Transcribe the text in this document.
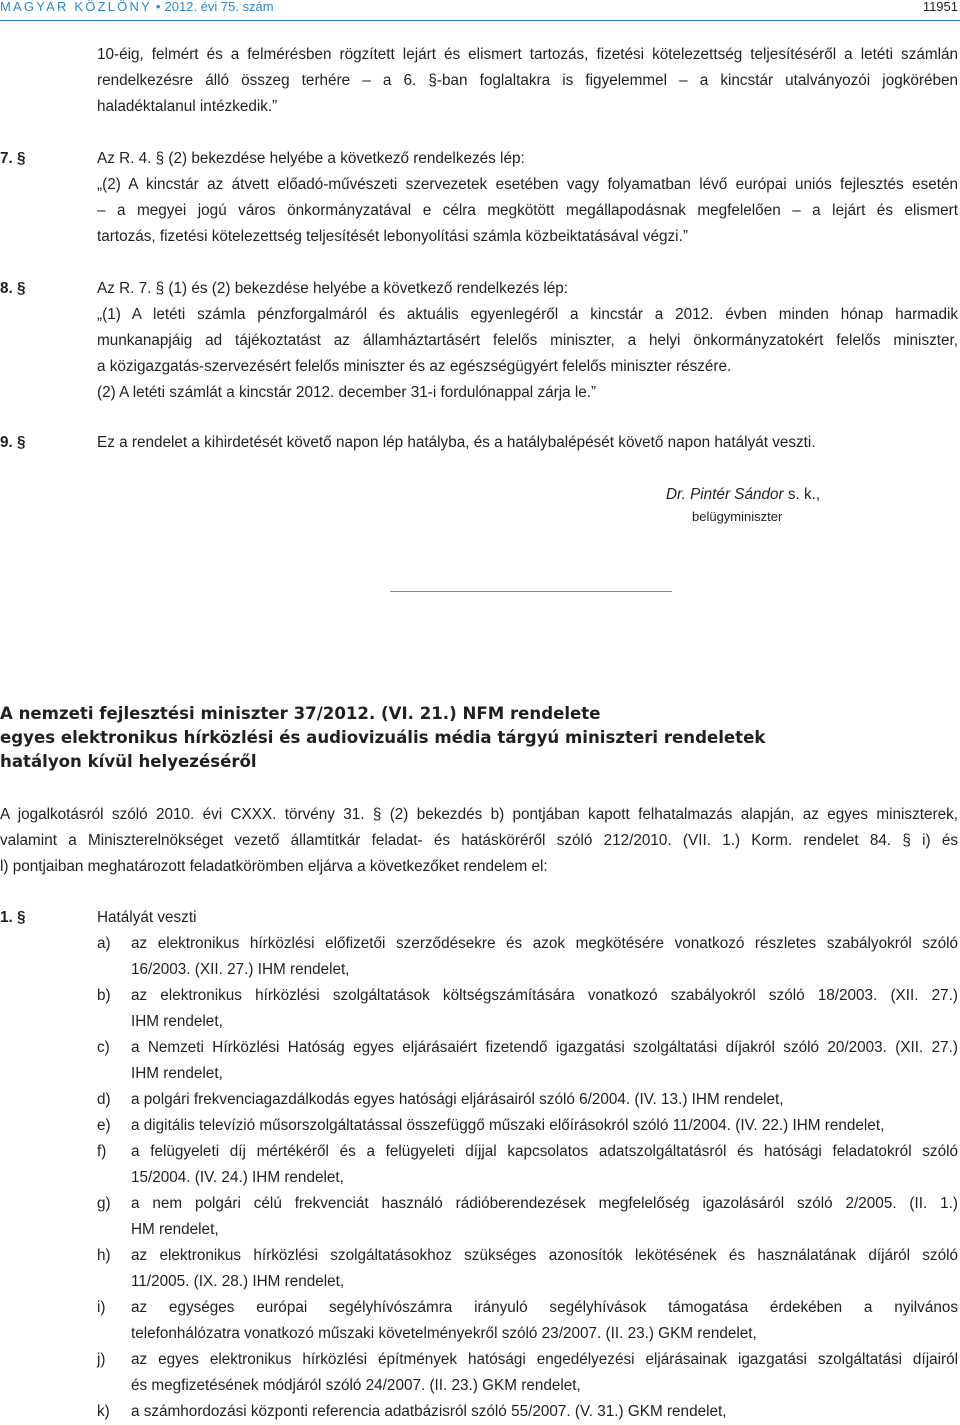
MAGYAR KÖZLÖNY • 2012. évi 75. szám	11951

10-éig, felmért és a felmérésben rögzített lejárt és elismert tartozás, fizetési kötelezettség teljesítéséről a letéti számlán

rendelkezésre álló összeg terhére – a 6. §-ban foglaltakra is figyelemmel – a kincstár utalványozói jogkörében

haladéktalanul intézkedik.”

7. §	Az R. 4. § (2) bekezdése helyébe a következő rendelkezés lép:

„(2) A kincstár az átvett előadó-művészeti szervezetek esetében vagy folyamatban lévő európai uniós fejlesztés esetén

– a megyei jogú város önkormányzatával e célra megkötött megállapodásnak megfelelően – a lejárt és elismert

tartozás, fizetési kötelezettség teljesítését lebonyolítási számla közbeiktatásával végzi.”

8. §	Az R. 7. § (1) és (2) bekezdése helyébe a következő rendelkezés lép:

„(1) A letéti számla pénzforgalmáról és aktuális egyenlegéről a kincstár a 2012. évben minden hónap harmadik

munkanapjáig ad tájékoztatást az államháztartásért felelős miniszter, a helyi önkormányzatokért felelős miniszter,

a közigazgatás-szervezésért felelős miniszter és az egészségügyért felelős miniszter részére.

(2) A letéti számlát a kincstár 2012. december 31-i fordulónappal zárja le.”

9. §	Ez a rendelet a kihirdetését követő napon lép hatályba, és a hatálybalépését követő napon hatályát veszti.

Dr. Pintér Sándor s. k.,
belügyminiszter
A nemzeti fejlesztési miniszter 37/2012. (VI. 21.) NFM rendelete
egyes elektronikus hírközlési és audiovizuális média tárgyú miniszteri rendeletek
hatályon kívül helyezéséről

A jogalkotásról szóló 2010. évi CXXX. törvény 31. § (2) bekezdés b) pontjában kapott felhatalmazás alapján, az egyes miniszterek,

valamint a Miniszterelnökséget vezető államtitkár feladat- és hatásköréről szóló 212/2010. (VII. 1.) Korm. rendelet 84. § i) és

l) pontjaiban meghatározott feladatkörömben eljárva a következőket rendelem el:

1. §	Hatályát veszti
a) az elektronikus hírközlési előfizetői szerződésekre és azok megkötésére vonatkozó részletes szabályokról szóló
16/2003. (XII. 27.) IHM rendelet,
b) az elektronikus hírközlési szolgáltatások költségszámítására vonatkozó szabályokról szóló 18/2003. (XII. 27.)
IHM rendelet,
c) a Nemzeti Hírközlési Hatóság egyes eljárásaiért fizetendő igazgatási szolgáltatási díjakról szóló 20/2003. (XII. 27.)
IHM rendelet,
d) a polgári frekvenciagazdálkodás egyes hatósági eljárásairól szóló 6/2004. (IV. 13.) IHM rendelet,
e) a digitális televízió műsorszolgáltatással összefüggő műszaki előírásokról szóló 11/2004. (IV. 22.) IHM rendelet,
f) a felügyeleti díj mértékéről és a felügyeleti díjjal kapcsolatos adatszolgáltatásról és hatósági feladatokról szóló
15/2004. (IV. 24.) IHM rendelet,
g) a nem polgári célú frekvenciát használó rádióberendezések megfelelőség igazolásáról szóló 2/2005. (II. 1.)
HM rendelet,
h) az elektronikus hírközlési szolgáltatásokhoz szükséges azonosítók lekötésének és használatának díjáról szóló
11/2005. (IX. 28.) IHM rendelet,
i) az egységes európai segélyhívószámra irányuló segélyhívások támogatása érdekében a nyilvános
telefonhálózatra vonatkozó műszaki követelményekről szóló 23/2007. (II. 23.) GKM rendelet,
j) az egyes elektronikus hírközlési építmények hatósági engedélyezési eljárásainak igazgatási szolgáltatási díjairól
és megfizetésének módjáról szóló 24/2007. (II. 23.) GKM rendelet,
k) a számhordozási központi referencia adatbázisról szóló 55/2007. (V. 31.) GKM rendelet,
